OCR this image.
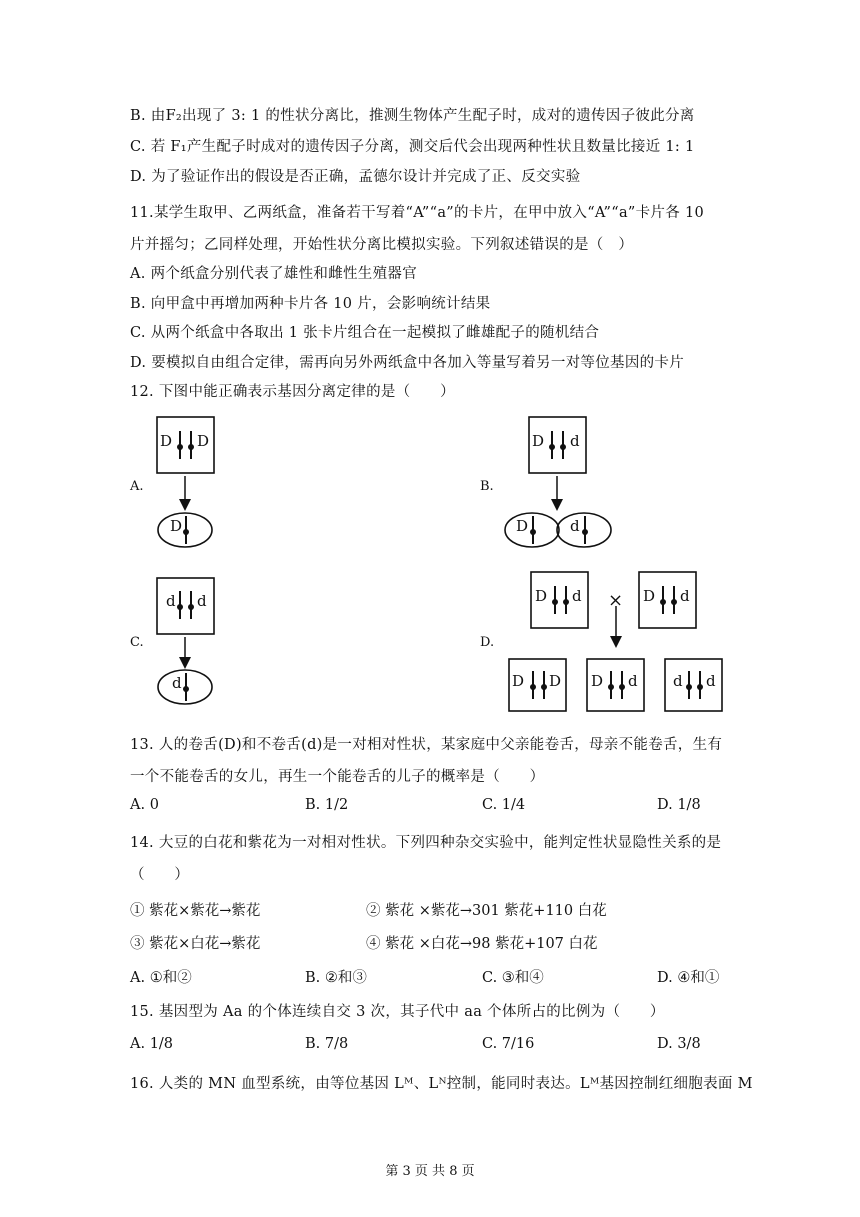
B. 由F₂出现了 3: 1 的性状分离比，推测生物体产生配子时，成对的遗传因子彼此分离
C. 若 F₁产生配子时成对的遗传因子分离，测交后代会出现两种性状且数量比接近 1: 1
D. 为了验证作出的假设是否正确，孟德尔设计并完成了正、反交实验
11.某学生取甲、乙两纸盒，准备若干写着“A”“a”的卡片，在甲中放入“A”“a”卡片各 10
片并摇匀；乙同样处理，开始性状分离比模拟实验。下列叙述错误的是（　）
A. 两个纸盒分别代表了雄性和雌性生殖器官
B. 向甲盒中再增加两种卡片各 10 片，会影响统计结果
C. 从两个纸盒中各取出 1 张卡片组合在一起模拟了雌雄配子的随机结合
D. 要模拟自由组合定律，需再向另外两纸盒中各加入等量写着另一对等位基因的卡片
12. 下图中能正确表示基因分离定律的是（　　）
A.	B.
C.	D.
D D
D
D d
D	d
d d
d
D d	D d
D D D d d d
×
13. 人的卷舌(D)和不卷舌(d)是一对相对性状，某家庭中父亲能卷舌，母亲不能卷舌，生有
一个不能卷舌的女儿，再生一个能卷舌的儿子的概率是（　　）
A. 0	B. 1/2	C. 1/4	D. 1/8
14. 大豆的白花和紫花为一对相对性状。下列四种杂交实验中，能判定性状显隐性关系的是
（　　）
① 紫花×紫花→紫花	② 紫花 ×紫花→301 紫花+110 白花
③ 紫花×白花→紫花	④ 紫花 ×白花→98 紫花+107 白花
A. ①和②	B. ②和③	C. ③和④	D. ④和①
15. 基因型为 Aa 的个体连续自交 3 次，其子代中 aa 个体所占的比例为（　　）
A. 1/8	B. 7/8	C. 7/16	D. 3/8
16. 人类的 MN 血型系统，由等位基因 Lᴹ、Lᴺ控制，能同时表达。Lᴹ基因控制红细胞表面 M
第 3 页 共 8 页
